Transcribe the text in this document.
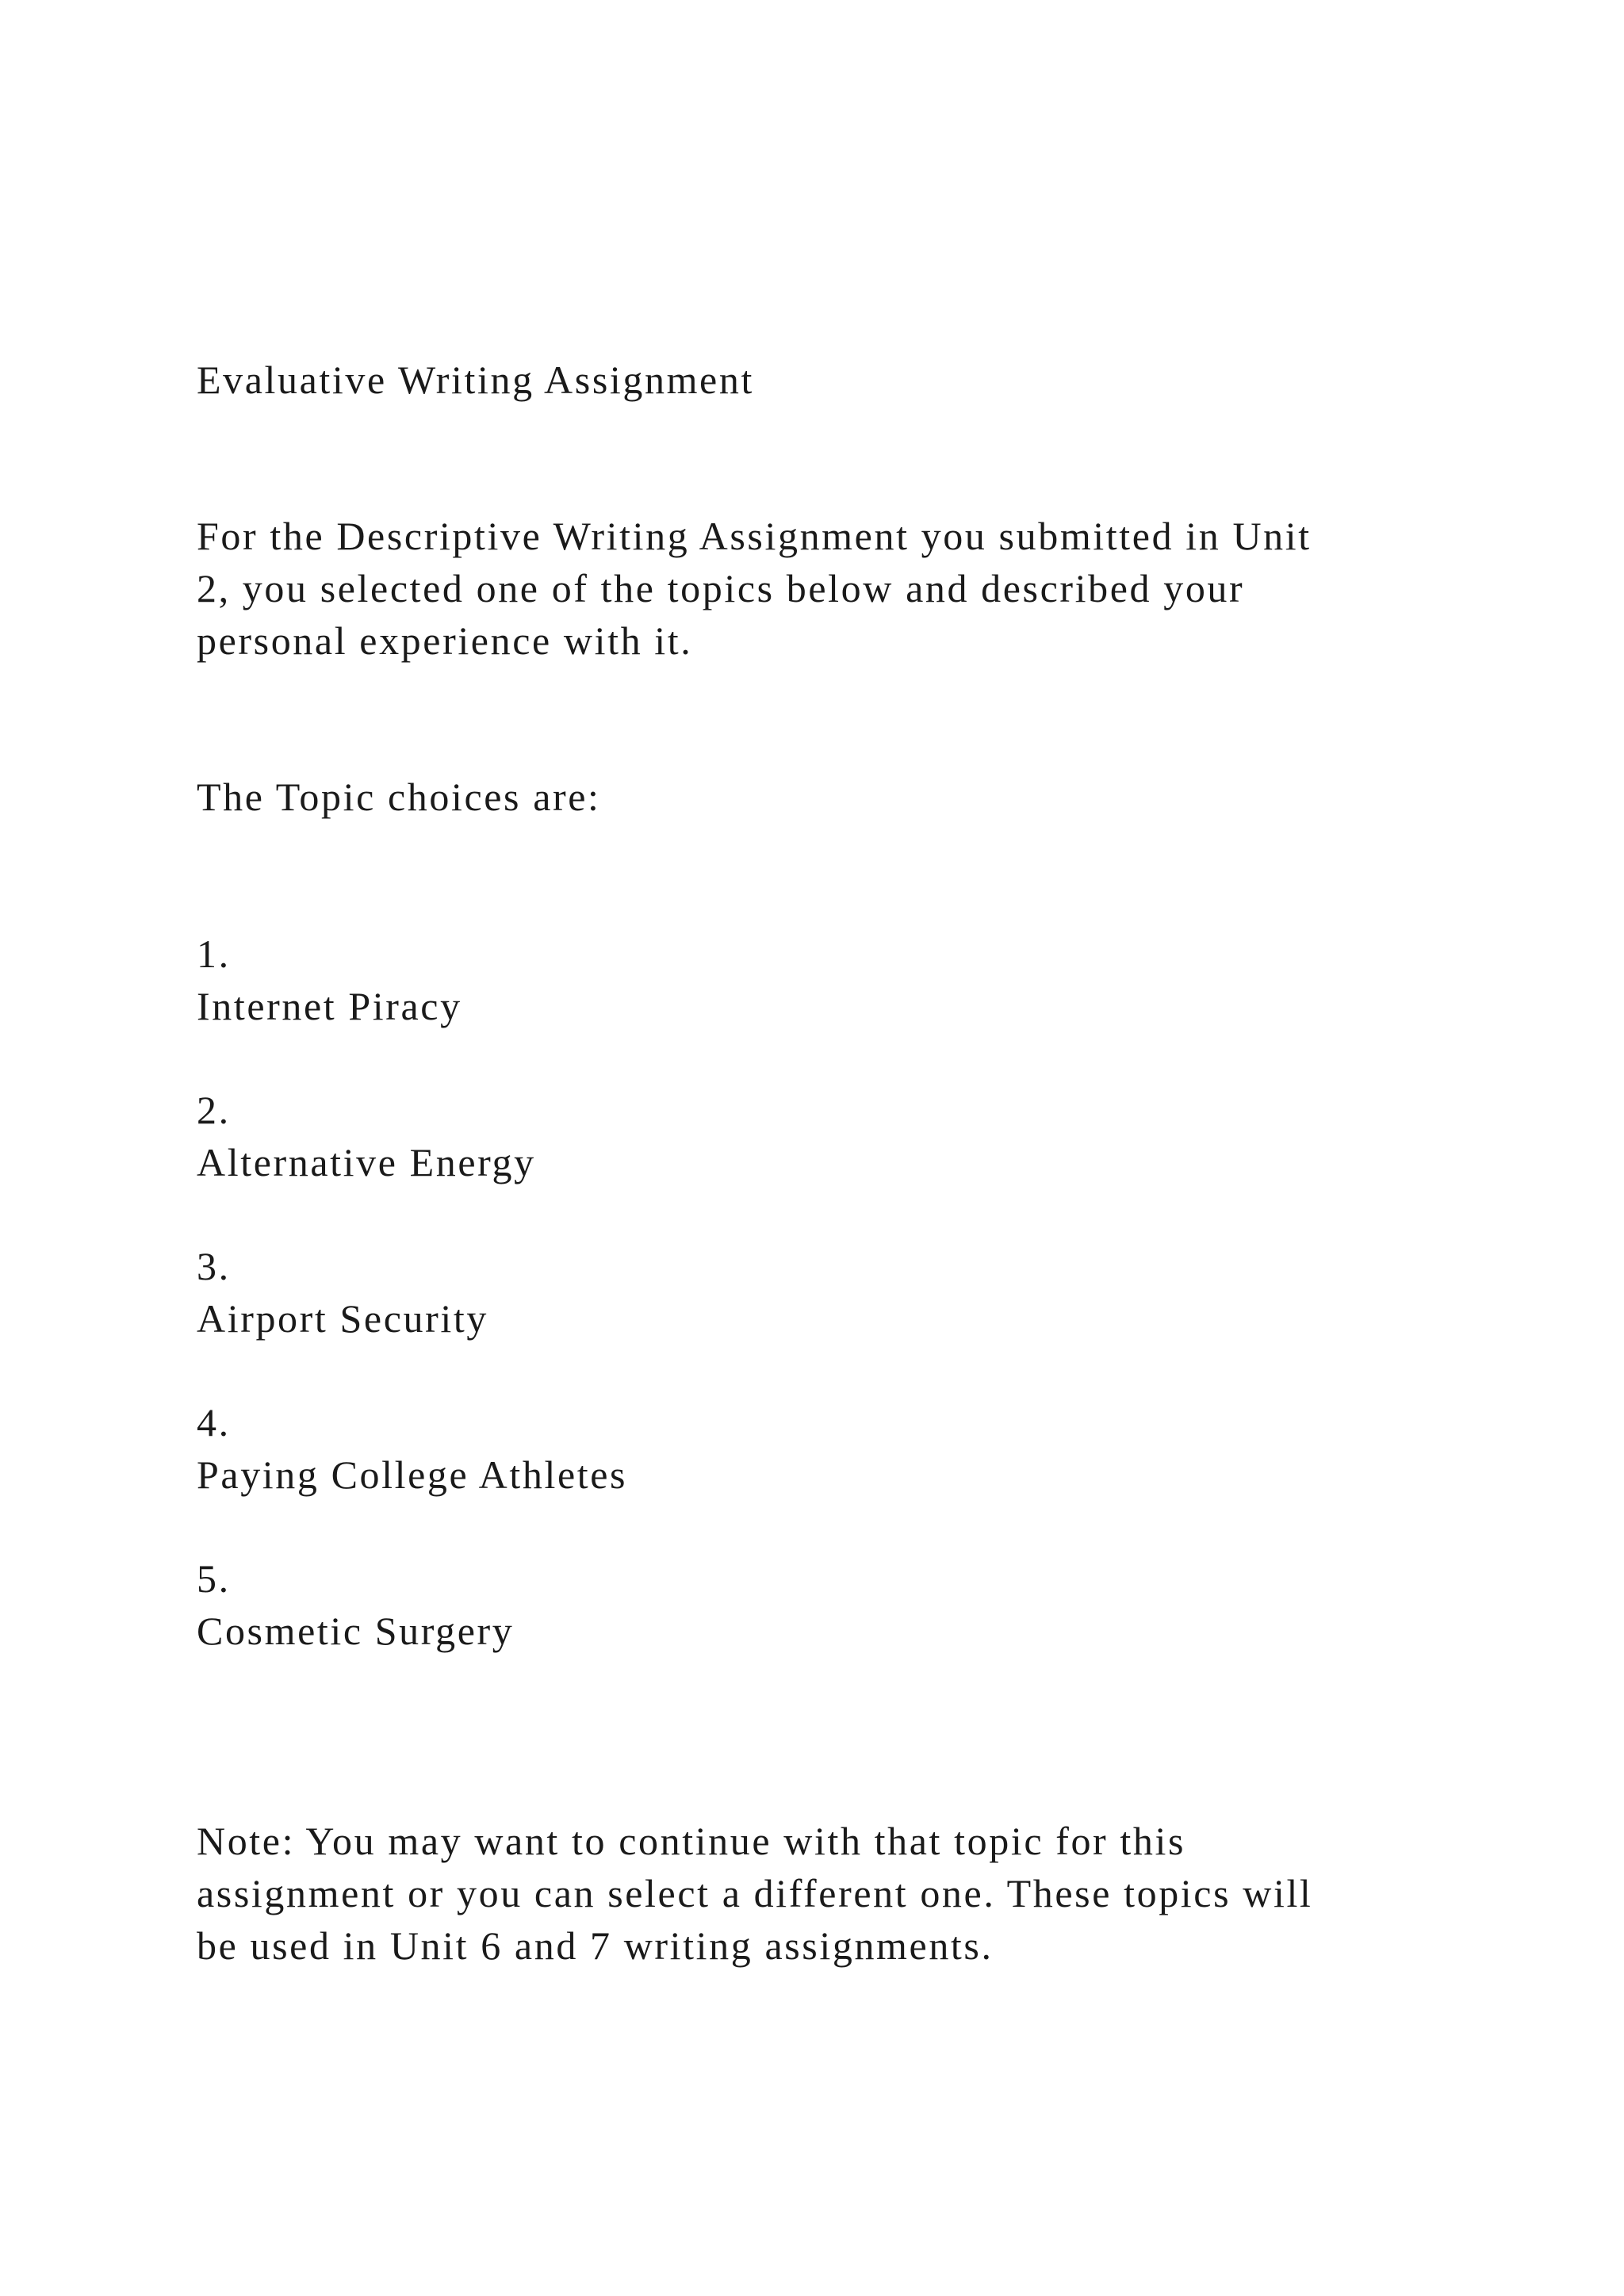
Evaluative Writing Assignment
For the Descriptive Writing Assignment you submitted in Unit
2, you selected one of the topics below and described your
personal experience with it.
The Topic choices are:
1.
Internet Piracy
2.
Alternative Energy
3.
Airport Security
4.
Paying College Athletes
5.
Cosmetic Surgery
Note: You may want to continue with that topic for this
assignment or you can select a different one. These topics will
be used in Unit 6 and 7 writing assignments.
